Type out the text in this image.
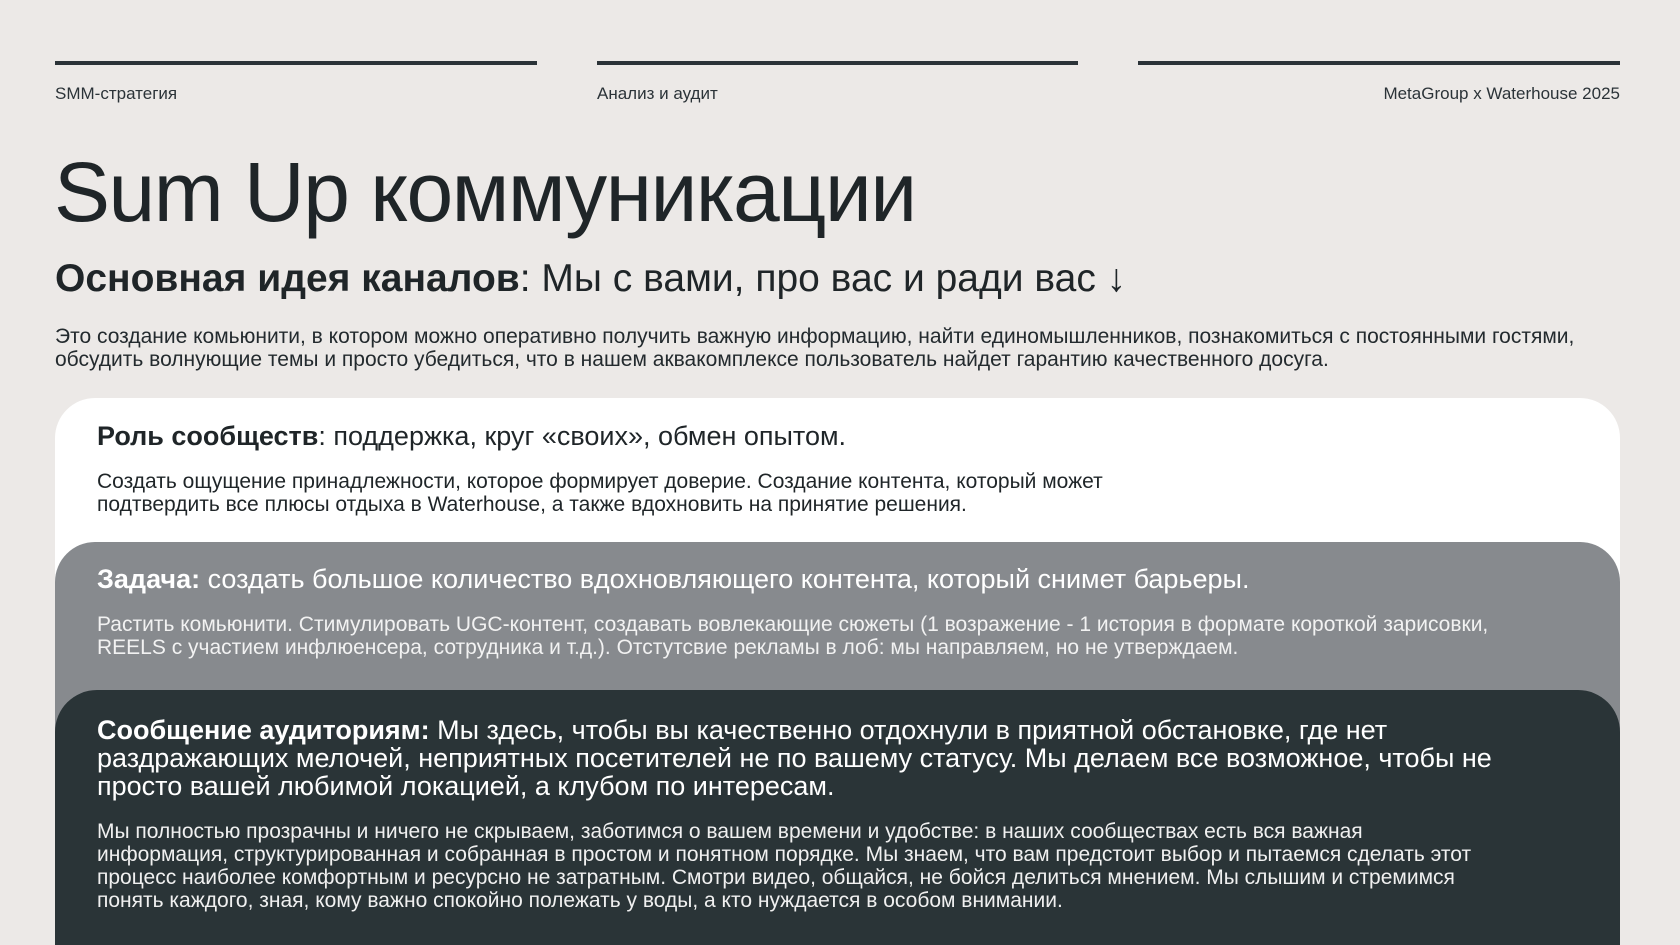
SMM-стратегия	Анализ и аудит	MetaGroup x Waterhouse 2025
Sum Up коммуникации
Основная идея каналов: Мы с вами, про вас и ради вас ↓
Это создание комьюнити, в котором можно оперативно получить важную информацию, найти единомышленников, познакомиться с постоянными гостями, обсудить волнующие темы и просто убедиться, что в нашем аквакомплексе пользователь найдет гарантию качественного досуга.
Роль сообществ: поддержка, круг «своих», обмен опытом.
Создать ощущение принадлежности, которое формирует доверие. Создание контента, который может подтвердить все плюсы отдыха в Waterhouse, а также вдохновить на принятие решения.
Задача: создать большое количество вдохновляющего контента, который снимет барьеры.
Растить комьюнити. Стимулировать UGC-контент, создавать вовлекающие сюжеты (1 возражение - 1 история в формате короткой зарисовки, REELS с участием инфлюенсера, сотрудника и т.д.). Отстутсвие рекламы в лоб: мы направляем, но не утверждаем.
Сообщение аудиториям: Мы здесь, чтобы вы качественно отдохнули в приятной обстановке, где нет раздражающих мелочей, неприятных посетителей не по вашему статусу. Мы делаем все возможное, чтобы не просто вашей любимой локацией, а клубом по интересам.
Мы полностью прозрачны и ничего не скрываем, заботимся о вашем времени и удобстве: в наших сообществах есть вся важная информация, структурированная и собранная в простом и понятном порядке. Мы знаем, что вам предстоит выбор и пытаемся сделать этот процесс наиболее комфортным и ресурсно не затратным. Смотри видео, общайся, не бойся делиться мнением. Мы слышим и стремимся понять каждого, зная, кому важно спокойно полежать у воды, а кто нуждается в особом внимании.
